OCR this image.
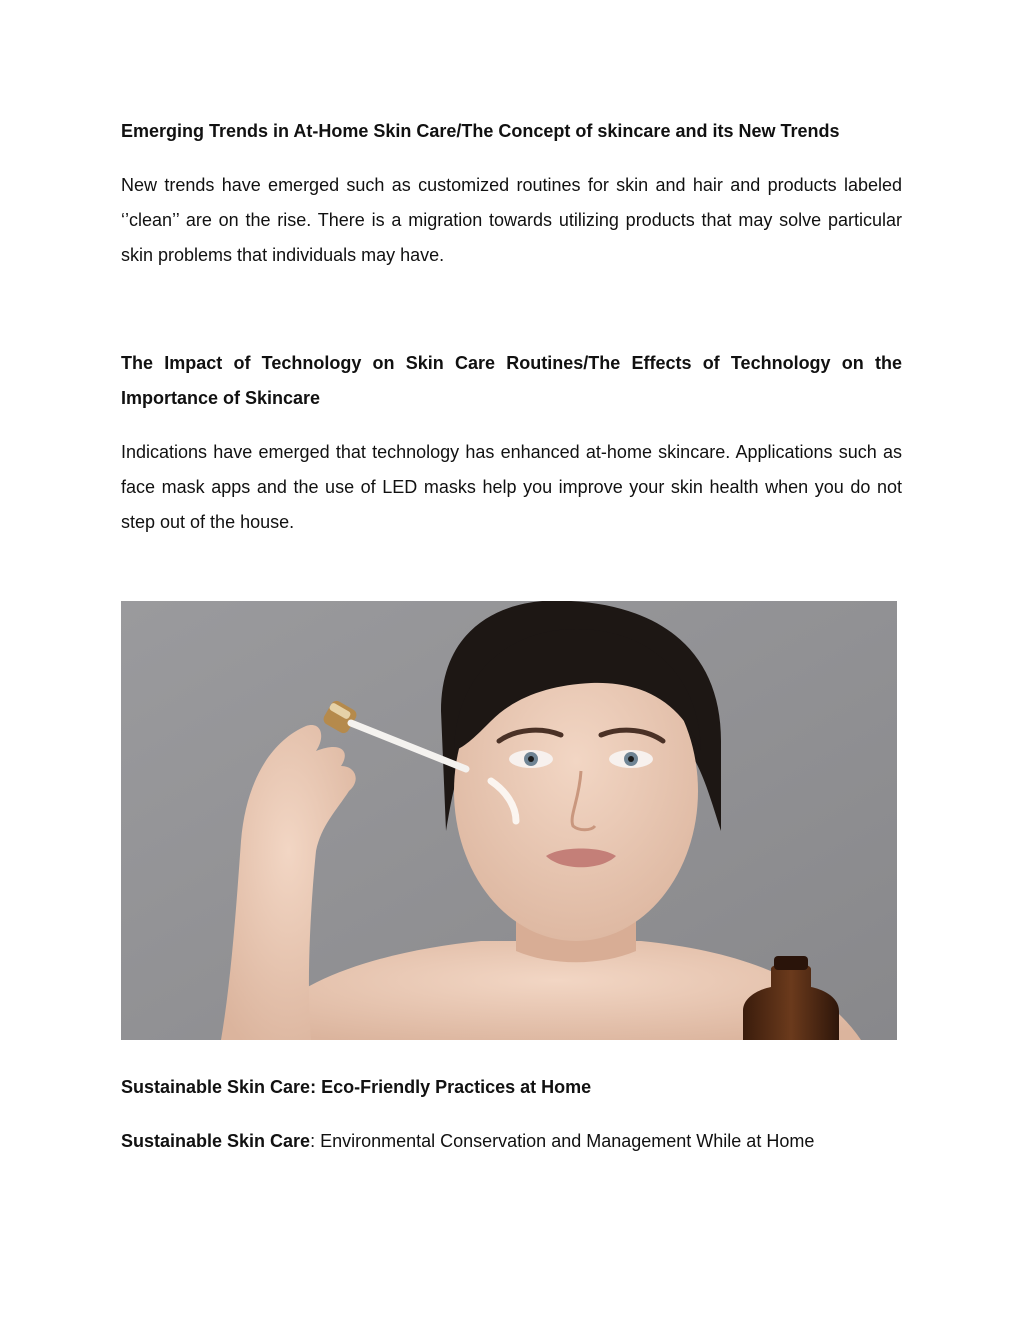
Emerging Trends in At-Home Skin Care/The Concept of skincare and its New Trends

New trends have emerged such as customized routines for skin and hair and products labeled ‘’clean’’ are on the rise. There is a migration towards utilizing products that may solve particular skin problems that individuals may have.

The Impact of Technology on Skin Care Routines/The Effects of Technology on the Importance of Skincare

Indications have emerged that technology has enhanced at-home skincare. Applications such as face mask apps and the use of LED masks help you improve your skin health when you do not step out of the house.

Sustainable Skin Care: Eco-Friendly Practices at Home

Sustainable Skin Care: Environmental Conservation and Management While at Home
